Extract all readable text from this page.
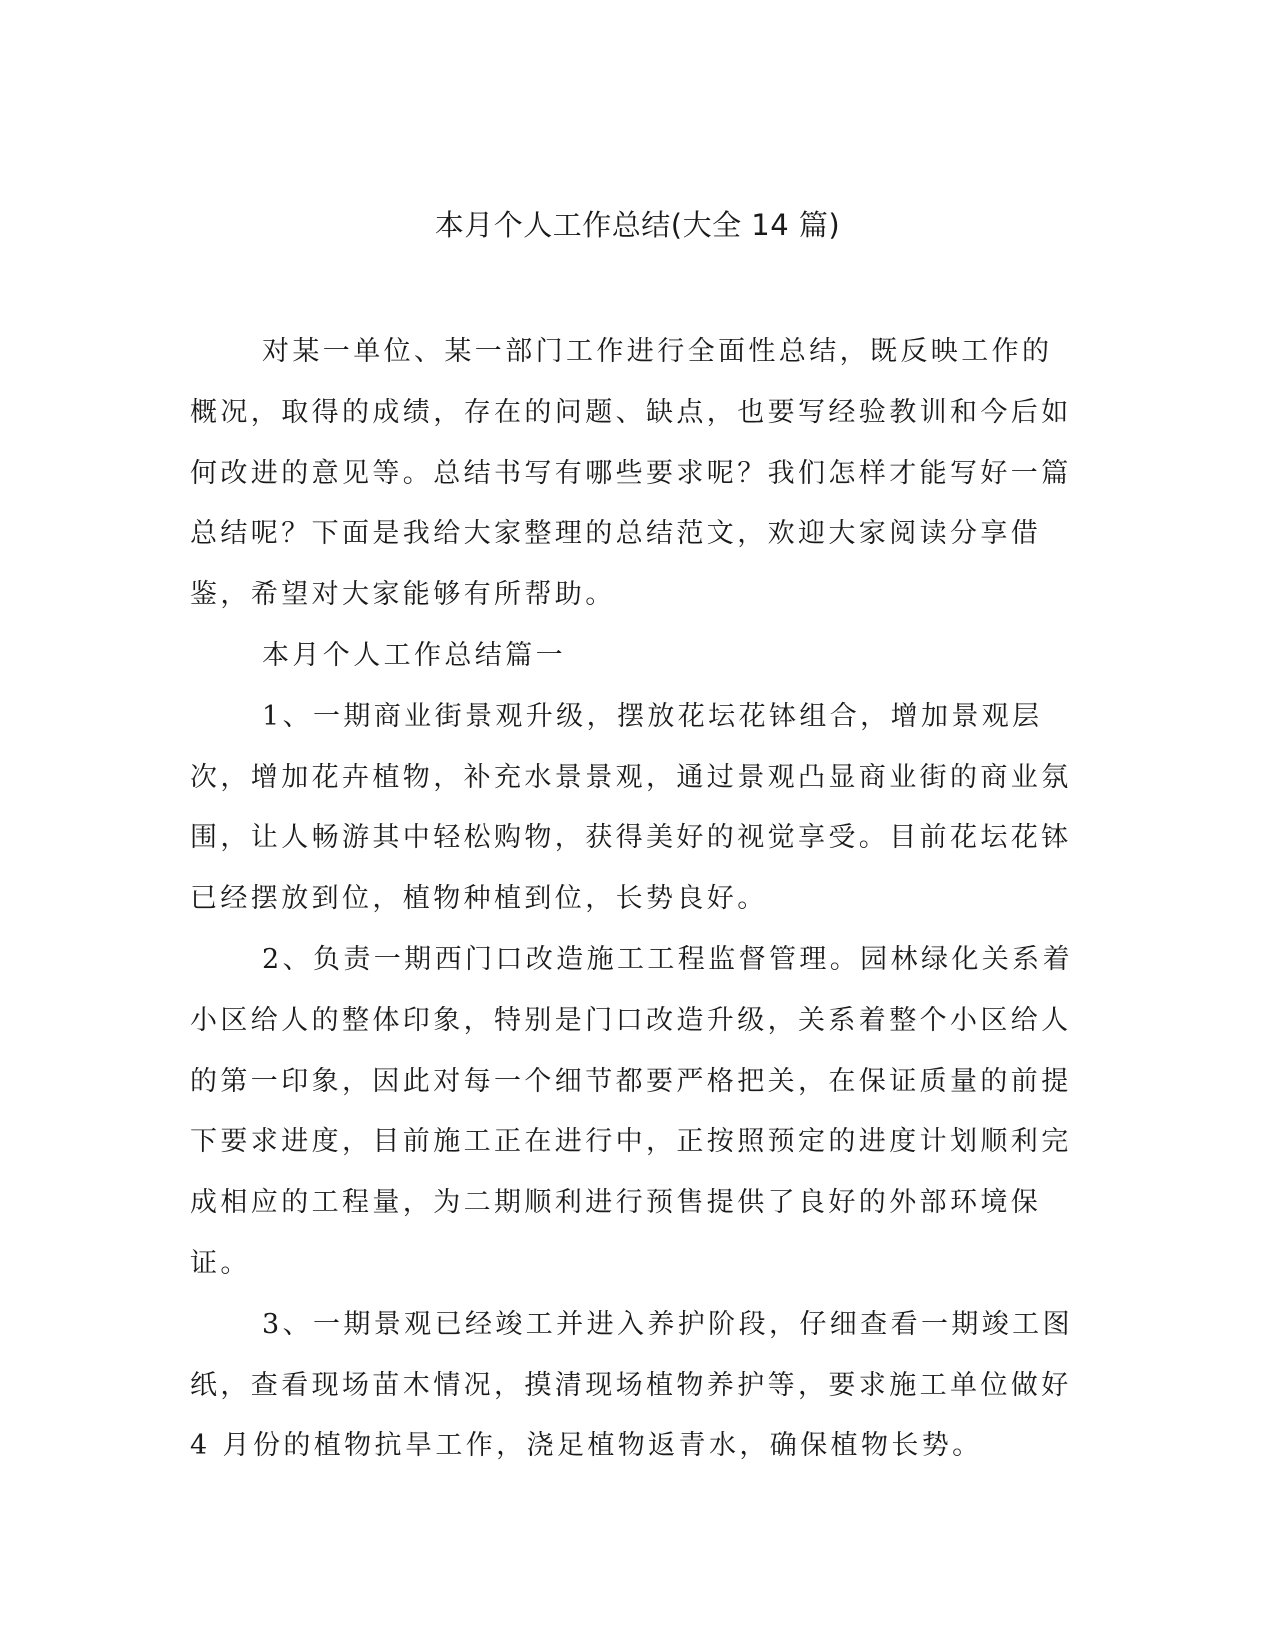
本月个人工作总结(大全 14 篇)

对某一单位、某一部门工作进行全面性总结，既反映工作的概况，取得的成绩，存在的问题、缺点，也要写经验教训和今后如何改进的意见等。总结书写有哪些要求呢？我们怎样才能写好一篇总结呢？下面是我给大家整理的总结范文，欢迎大家阅读分享借鉴，希望对大家能够有所帮助。

本月个人工作总结篇一

1、一期商业街景观升级，摆放花坛花钵组合，增加景观层次，增加花卉植物，补充水景景观，通过景观凸显商业街的商业氛围，让人畅游其中轻松购物，获得美好的视觉享受。目前花坛花钵已经摆放到位，植物种植到位，长势良好。

2、负责一期西门口改造施工工程监督管理。园林绿化关系着小区给人的整体印象，特别是门口改造升级，关系着整个小区给人的第一印象，因此对每一个细节都要严格把关，在保证质量的前提下要求进度，目前施工正在进行中，正按照预定的进度计划顺利完成相应的工程量，为二期顺利进行预售提供了良好的外部环境保证。

3、一期景观已经竣工并进入养护阶段，仔细查看一期竣工图纸，查看现场苗木情况，摸清现场植物养护等，要求施工单位做好 4 月份的植物抗旱工作，浇足植物返青水，确保植物长势。
